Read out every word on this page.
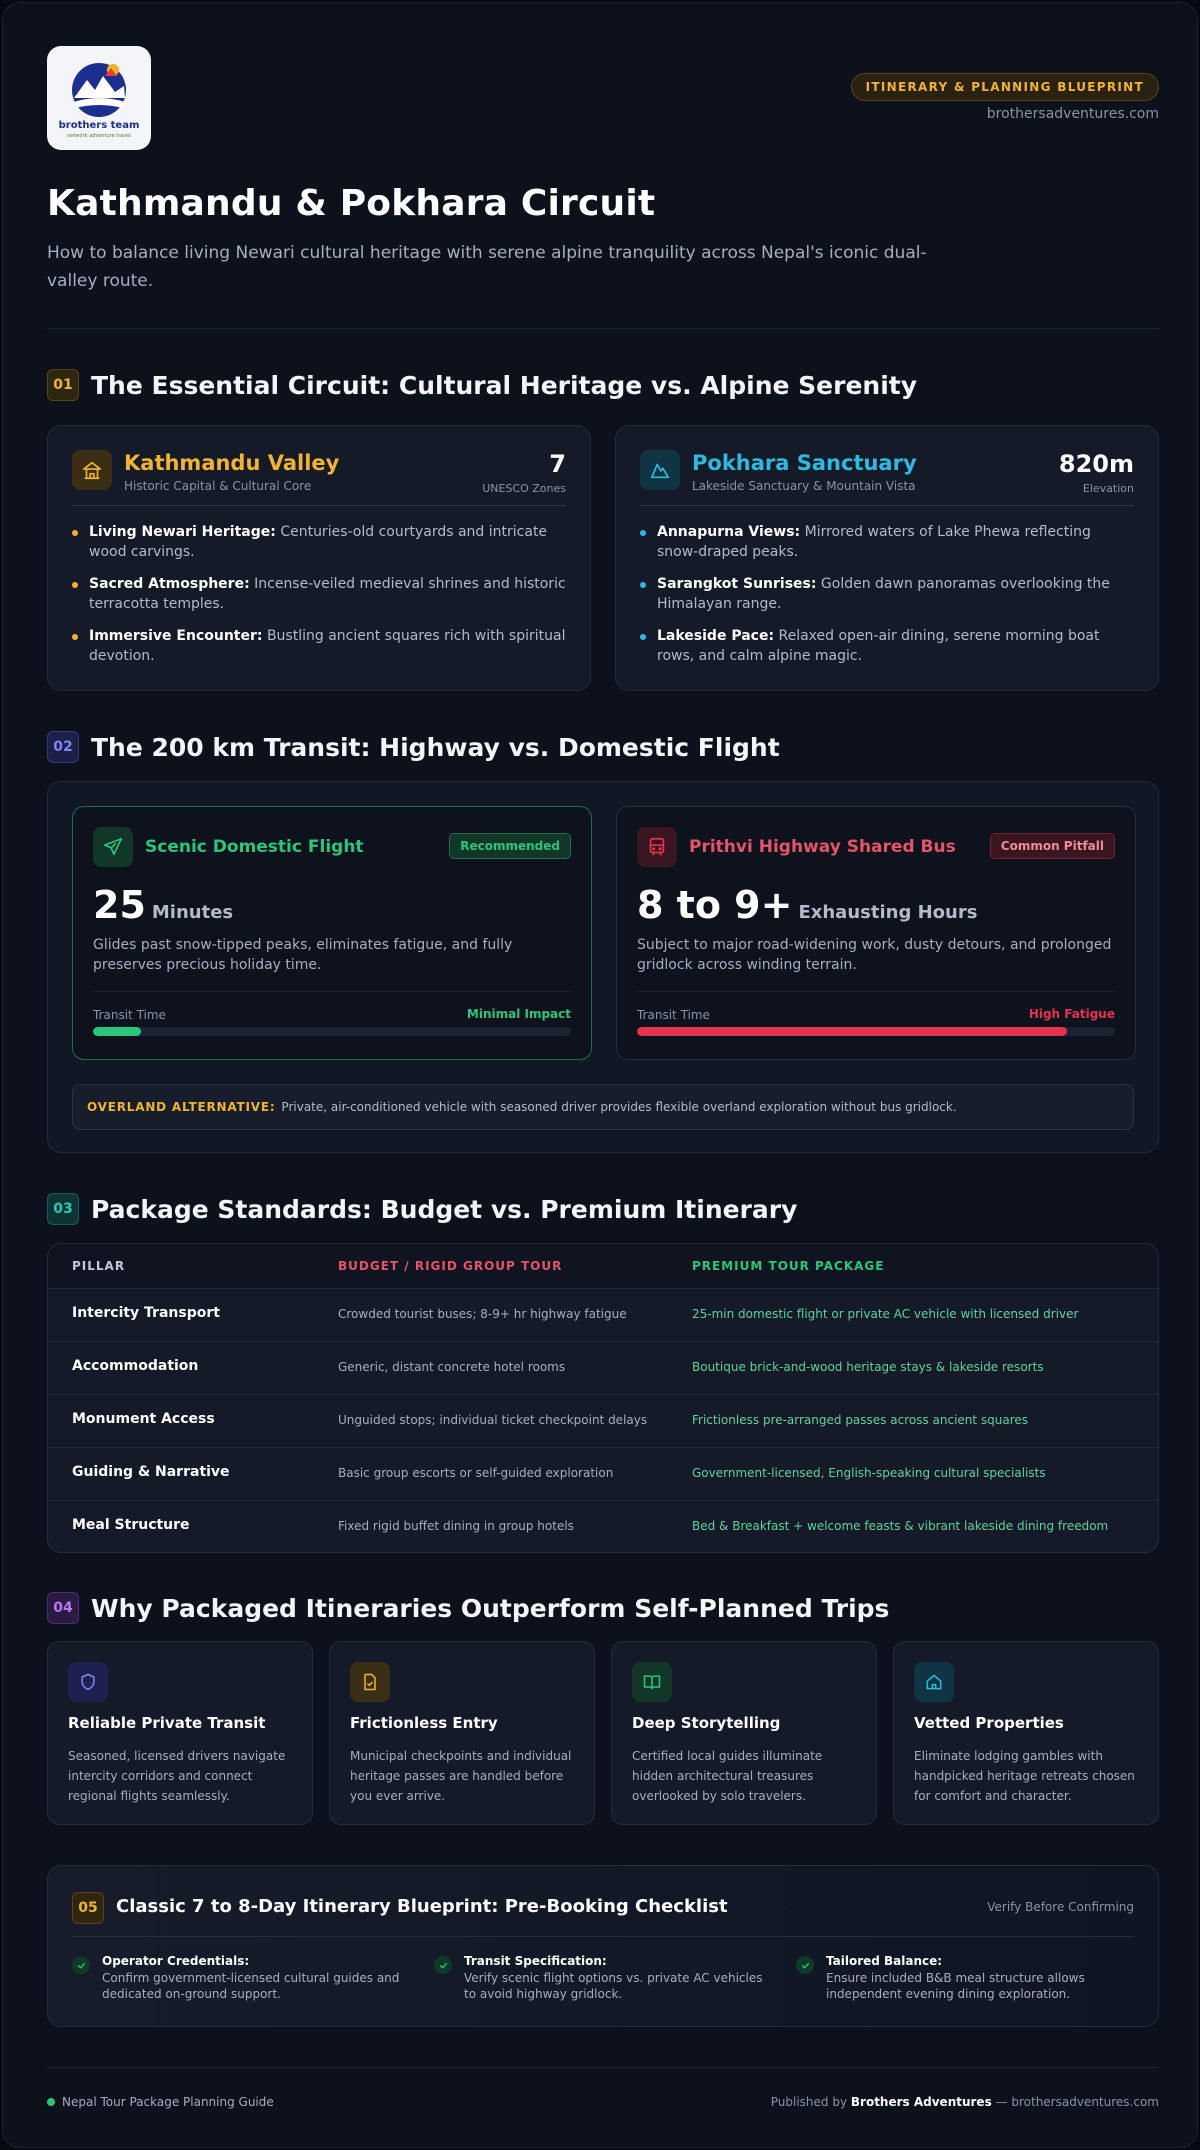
brothers team
network adventure travel
ITINERARY & PLANNING BLUEPRINT
brothersadventures.com
Kathmandu & Pokhara Circuit
How to balance living Newari cultural heritage with serene alpine tranquility across Nepal's iconic dual-valley route.
01 The Essential Circuit: Cultural Heritage vs. Alpine Serenity
Kathmandu Valley
Historic Capital & Cultural Core
7
UNESCO Zones
Living Newari Heritage: Centuries-old courtyards and intricate wood carvings.
Sacred Atmosphere: Incense-veiled medieval shrines and historic terracotta temples.
Immersive Encounter: Bustling ancient squares rich with spiritual devotion.
Pokhara Sanctuary
Lakeside Sanctuary & Mountain Vista
820m
Elevation
Annapurna Views: Mirrored waters of Lake Phewa reflecting snow-draped peaks.
Sarangkot Sunrises: Golden dawn panoramas overlooking the Himalayan range.
Lakeside Pace: Relaxed open-air dining, serene morning boat rows, and calm alpine magic.
02 The 200 km Transit: Highway vs. Domestic Flight
Scenic Domestic Flight	Recommended
25 Minutes
Glides past snow-tipped peaks, eliminates fatigue, and fully preserves precious holiday time.
Transit Time	Minimal Impact
Prithvi Highway Shared Bus	Common Pitfall
8 to 9+ Exhausting Hours
Subject to major road-widening work, dusty detours, and prolonged gridlock across winding terrain.
Transit Time	High Fatigue
OVERLAND ALTERNATIVE: Private, air-conditioned vehicle with seasoned driver provides flexible overland exploration without bus gridlock.
03 Package Standards: Budget vs. Premium Itinerary
PILLAR	BUDGET / RIGID GROUP TOUR	PREMIUM TOUR PACKAGE
Intercity Transport	Crowded tourist buses; 8-9+ hr highway fatigue	25-min domestic flight or private AC vehicle with licensed driver
Accommodation	Generic, distant concrete hotel rooms	Boutique brick-and-wood heritage stays & lakeside resorts
Monument Access	Unguided stops; individual ticket checkpoint delays	Frictionless pre-arranged passes across ancient squares
Guiding & Narrative	Basic group escorts or self-guided exploration	Government-licensed, English-speaking cultural specialists
Meal Structure	Fixed rigid buffet dining in group hotels	Bed & Breakfast + welcome feasts & vibrant lakeside dining freedom
04 Why Packaged Itineraries Outperform Self-Planned Trips
Reliable Private Transit
Seasoned, licensed drivers navigate intercity corridors and connect regional flights seamlessly.
Frictionless Entry
Municipal checkpoints and individual heritage passes are handled before you ever arrive.
Deep Storytelling
Certified local guides illuminate hidden architectural treasures overlooked by solo travelers.
Vetted Properties
Eliminate lodging gambles with handpicked heritage retreats chosen for comfort and character.
05	Classic 7 to 8-Day Itinerary Blueprint: Pre-Booking Checklist	Verify Before Confirming
Operator Credentials:
Confirm government-licensed cultural guides and dedicated on-ground support.
Transit Specification:
Verify scenic flight options vs. private AC vehicles to avoid highway gridlock.
Tailored Balance:
Ensure included B&B meal structure allows independent evening dining exploration.
Nepal Tour Package Planning Guide	Published by Brothers Adventures — brothersadventures.com
